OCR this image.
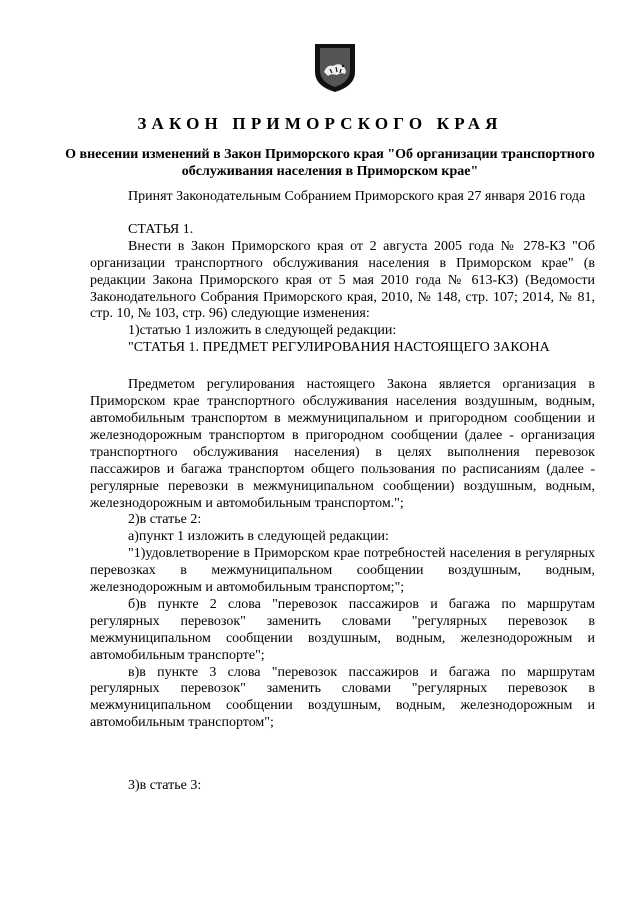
ЗАКОН ПРИМОРСКОГО КРАЯ
О внесении изменений в Закон Приморского края "Об организации транспортного обслуживания населения в Приморском крае"

Принят Законодательным Собранием Приморского края 27 января 2016 года

СТАТЬЯ 1.

Внести в Закон Приморского края от 2 августа 2005 года № 278-КЗ "Об организации транспортного обслуживания населения в Приморском крае" (в редакции Закона Приморского края от 5 мая 2010 года № 613-КЗ) (Ведомости Законодательного Собрания Приморского края, 2010, № 148, стр. 107; 2014, № 81, стр. 10, № 103, стр. 96) следующие изменения:

1)статью 1 изложить в следующей редакции:

"СТАТЬЯ 1. ПРЕДМЕТ РЕГУЛИРОВАНИЯ НАСТОЯЩЕГО ЗАКОНА

Предметом регулирования настоящего Закона является организация в Приморском крае транспортного обслуживания населения воздушным, водным, автомобильным транспортом в межмуниципальном и пригородном сообщении и железнодорожным транспортом в пригородном сообщении (далее - организация транспортного обслуживания населения) в целях выполнения перевозок пассажиров и багажа транспортом общего пользования по расписаниям (далее - регулярные перевозки в межмуниципальном сообщении) воздушным, водным, железнодорожным и автомобильным транспортом.";

2)в статье 2:

а)пункт 1 изложить в следующей редакции:

"1)удовлетворение в Приморском крае потребностей населения в регулярных перевозках в межмуниципальном сообщении воздушным, водным, железнодорожным и автомобильным транспортом;";

б)в пункте 2 слова "перевозок пассажиров и багажа по маршрутам регулярных перевозок" заменить словами "регулярных перевозок в межмуниципальном сообщении воздушным, водным, железнодорожным и автомобильным транспорте";

в)в пункте 3 слова "перевозок пассажиров и багажа по маршрутам регулярных перевозок" заменить словами "регулярных перевозок в межмуниципальном сообщении воздушным, водным, железнодорожным и автомобильным транспортом";

3)в статье 3:
